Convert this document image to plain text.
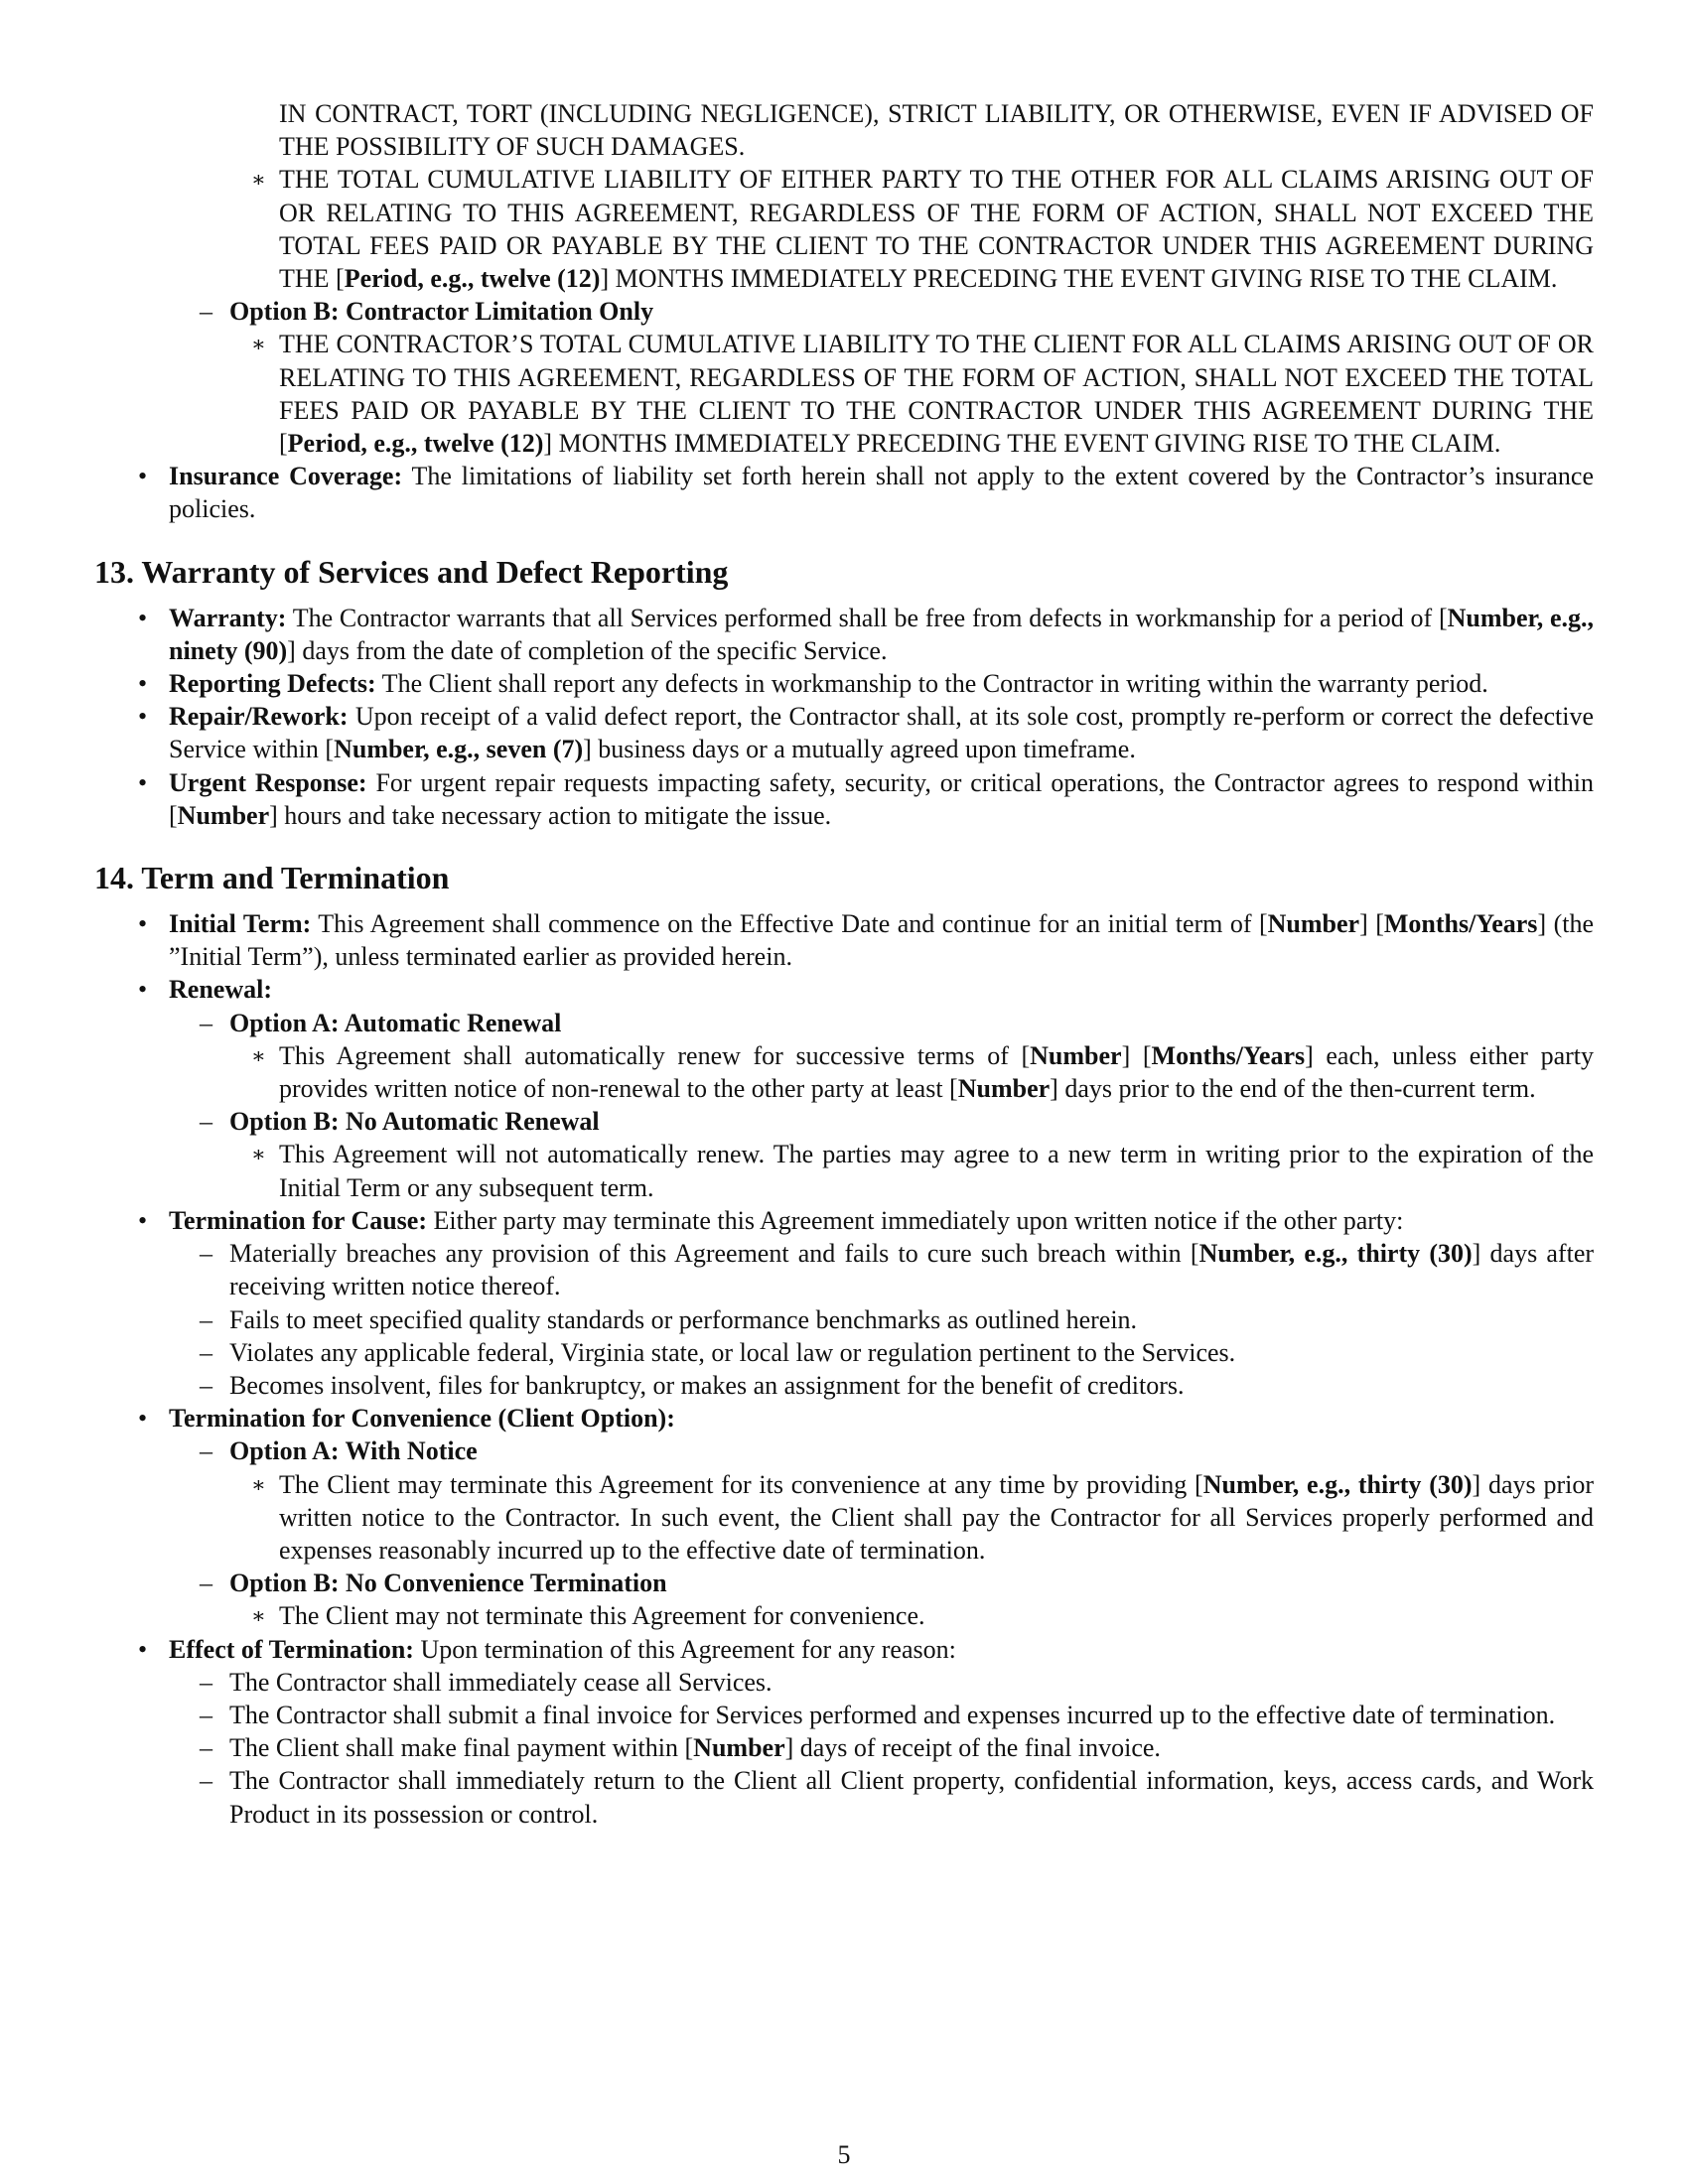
IN CONTRACT, TORT (INCLUDING NEGLIGENCE), STRICT LIABILITY, OR OTHERWISE, EVEN IF ADVISED OF THE POSSIBILITY OF SUCH DAMAGES.
∗ THE TOTAL CUMULATIVE LIABILITY OF EITHER PARTY TO THE OTHER FOR ALL CLAIMS ARISING OUT OF OR RELATING TO THIS AGREEMENT, REGARDLESS OF THE FORM OF ACTION, SHALL NOT EXCEED THE TOTAL FEES PAID OR PAYABLE BY THE CLIENT TO THE CONTRACTOR UNDER THIS AGREEMENT DURING THE [Period, e.g., twelve (12)] MONTHS IMMEDIATELY PRECEDING THE EVENT GIVING RISE TO THE CLAIM.
– Option B: Contractor Limitation Only
∗ THE CONTRACTOR’S TOTAL CUMULATIVE LIABILITY TO THE CLIENT FOR ALL CLAIMS ARISING OUT OF OR RELATING TO THIS AGREEMENT, REGARDLESS OF THE FORM OF ACTION, SHALL NOT EXCEED THE TOTAL FEES PAID OR PAYABLE BY THE CLIENT TO THE CONTRACTOR UNDER THIS AGREEMENT DURING THE [Period, e.g., twelve (12)] MONTHS IMMEDIATELY PRECEDING THE EVENT GIVING RISE TO THE CLAIM.
• Insurance Coverage: The limitations of liability set forth herein shall not apply to the extent covered by the Contractor’s insurance policies.
13. Warranty of Services and Defect Reporting
• Warranty: The Contractor warrants that all Services performed shall be free from defects in workmanship for a period of [Number, e.g., ninety (90)] days from the date of completion of the specific Service.
• Reporting Defects: The Client shall report any defects in workmanship to the Contractor in writing within the warranty period.
• Repair/Rework: Upon receipt of a valid defect report, the Contractor shall, at its sole cost, promptly re-perform or correct the defective Service within [Number, e.g., seven (7)] business days or a mutually agreed upon timeframe.
• Urgent Response: For urgent repair requests impacting safety, security, or critical operations, the Contractor agrees to respond within [Number] hours and take necessary action to mitigate the issue.
14. Term and Termination
• Initial Term: This Agreement shall commence on the Effective Date and continue for an initial term of [Number] [Months/Years] (the ”Initial Term”), unless terminated earlier as provided herein.
• Renewal:
– Option A: Automatic Renewal
∗ This Agreement shall automatically renew for successive terms of [Number] [Months/Years] each, unless either party provides written notice of non-renewal to the other party at least [Number] days prior to the end of the then-current term.
– Option B: No Automatic Renewal
∗ This Agreement will not automatically renew. The parties may agree to a new term in writing prior to the expiration of the Initial Term or any subsequent term.
• Termination for Cause: Either party may terminate this Agreement immediately upon written notice if the other party:
– Materially breaches any provision of this Agreement and fails to cure such breach within [Number, e.g., thirty (30)] days after receiving written notice thereof.
– Fails to meet specified quality standards or performance benchmarks as outlined herein.
– Violates any applicable federal, Virginia state, or local law or regulation pertinent to the Services.
– Becomes insolvent, files for bankruptcy, or makes an assignment for the benefit of creditors.
• Termination for Convenience (Client Option):
– Option A: With Notice
∗ The Client may terminate this Agreement for its convenience at any time by providing [Number, e.g., thirty (30)] days prior written notice to the Contractor. In such event, the Client shall pay the Contractor for all Services properly performed and expenses reasonably incurred up to the effective date of termination.
– Option B: No Convenience Termination
∗ The Client may not terminate this Agreement for convenience.
• Effect of Termination: Upon termination of this Agreement for any reason:
– The Contractor shall immediately cease all Services.
– The Contractor shall submit a final invoice for Services performed and expenses incurred up to the effective date of termination.
– The Client shall make final payment within [Number] days of receipt of the final invoice.
– The Contractor shall immediately return to the Client all Client property, confidential information, keys, access cards, and Work Product in its possession or control.
5
